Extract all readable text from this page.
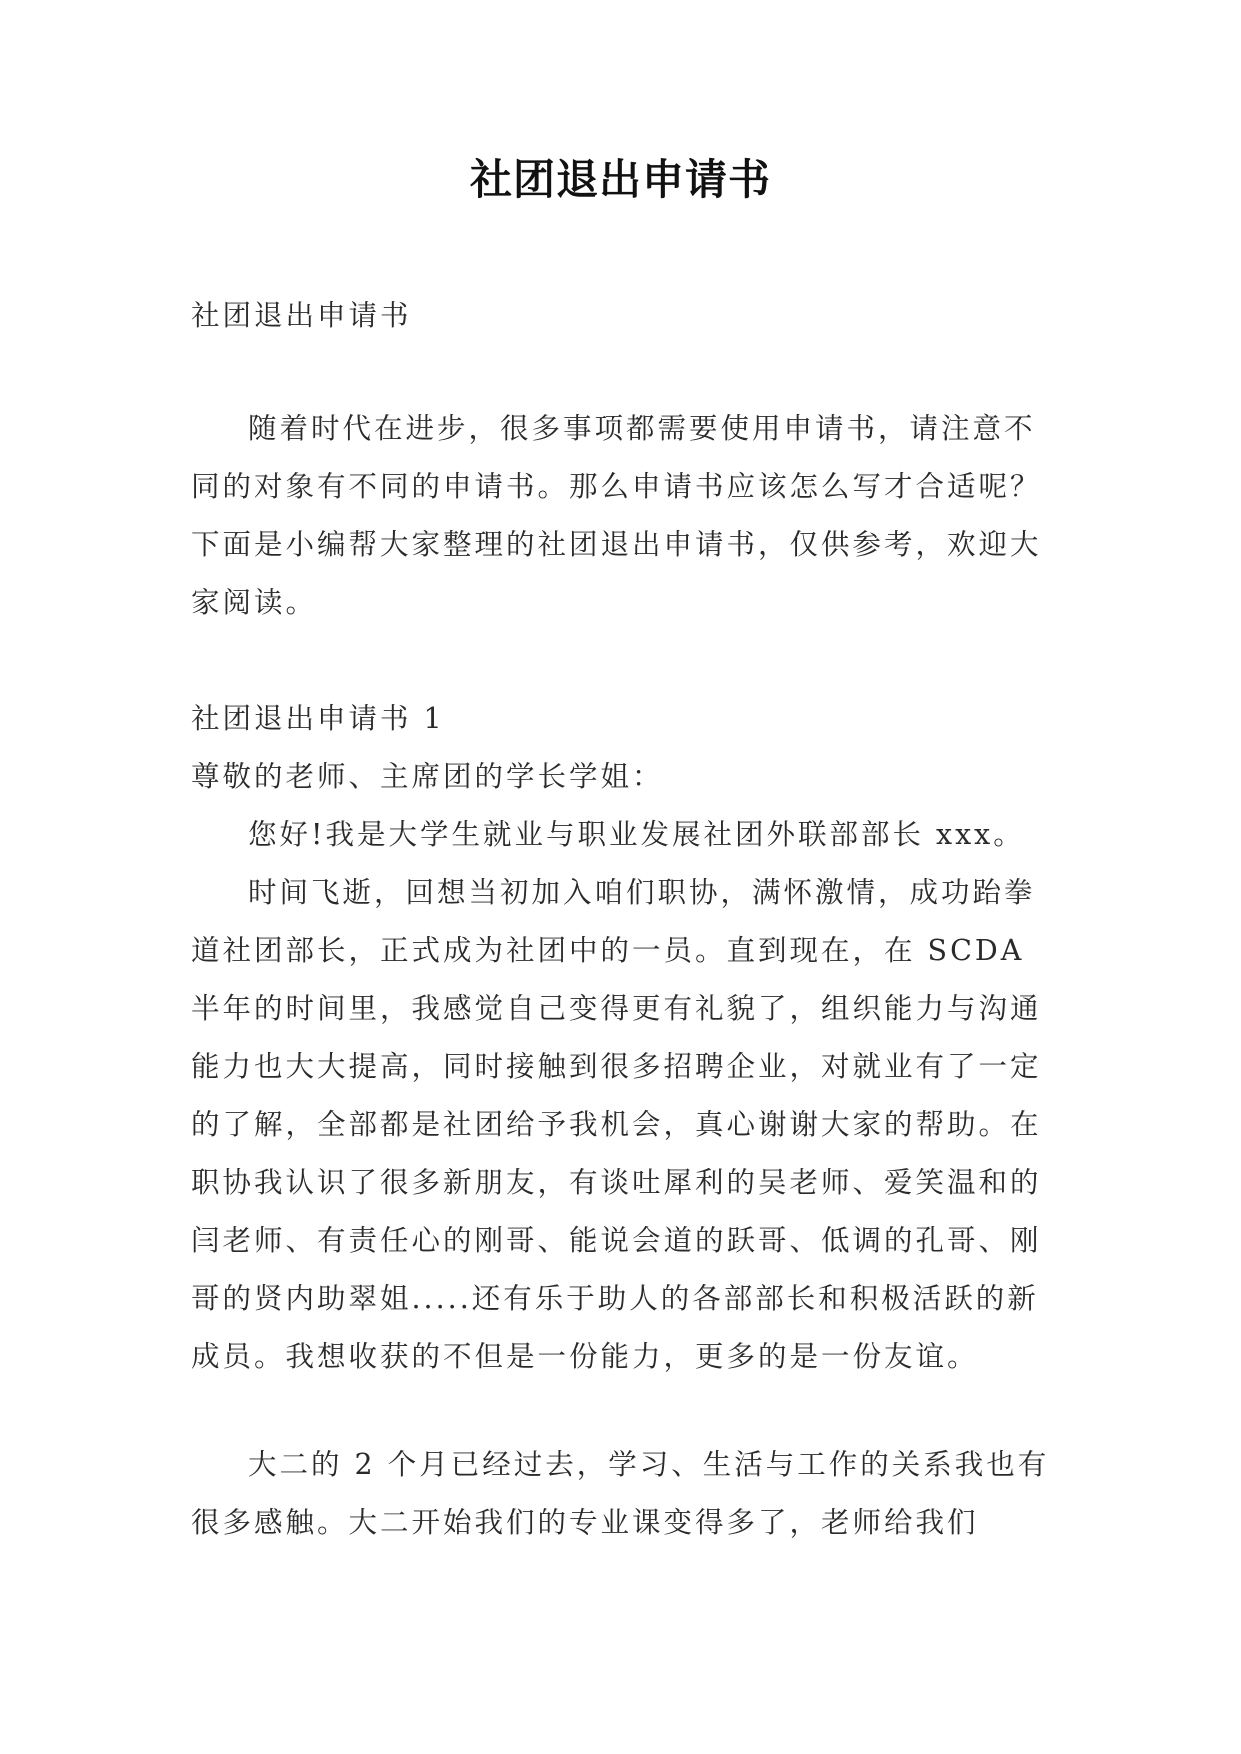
社团退出申请书

社团退出申请书

随着时代在进步，很多事项都需要使用申请书，请注意不同的对象有不同的申请书。那么申请书应该怎么写才合适呢？下面是小编帮大家整理的社团退出申请书，仅供参考，欢迎大家阅读。

社团退出申请书 1

尊敬的老师、主席团的学长学姐：

您好!我是大学生就业与职业发展社团外联部部长 xxx。

时间飞逝，回想当初加入咱们职协，满怀激情，成功跆拳道社团部长，正式成为社团中的一员。直到现在，在 SCDA 半年的时间里，我感觉自己变得更有礼貌了，组织能力与沟通能力也大大提高，同时接触到很多招聘企业，对就业有了一定的了解，全部都是社团给予我机会，真心谢谢大家的帮助。在职协我认识了很多新朋友，有谈吐犀利的吴老师、爱笑温和的闫老师、有责任心的刚哥、能说会道的跃哥、低调的孔哥、刚哥的贤内助翠姐.....还有乐于助人的各部部长和积极活跃的新成员。我想收获的不但是一份能力，更多的是一份友谊。

大二的 2 个月已经过去，学习、生活与工作的关系我也有很多感触。大二开始我们的专业课变得多了，老师给我们
